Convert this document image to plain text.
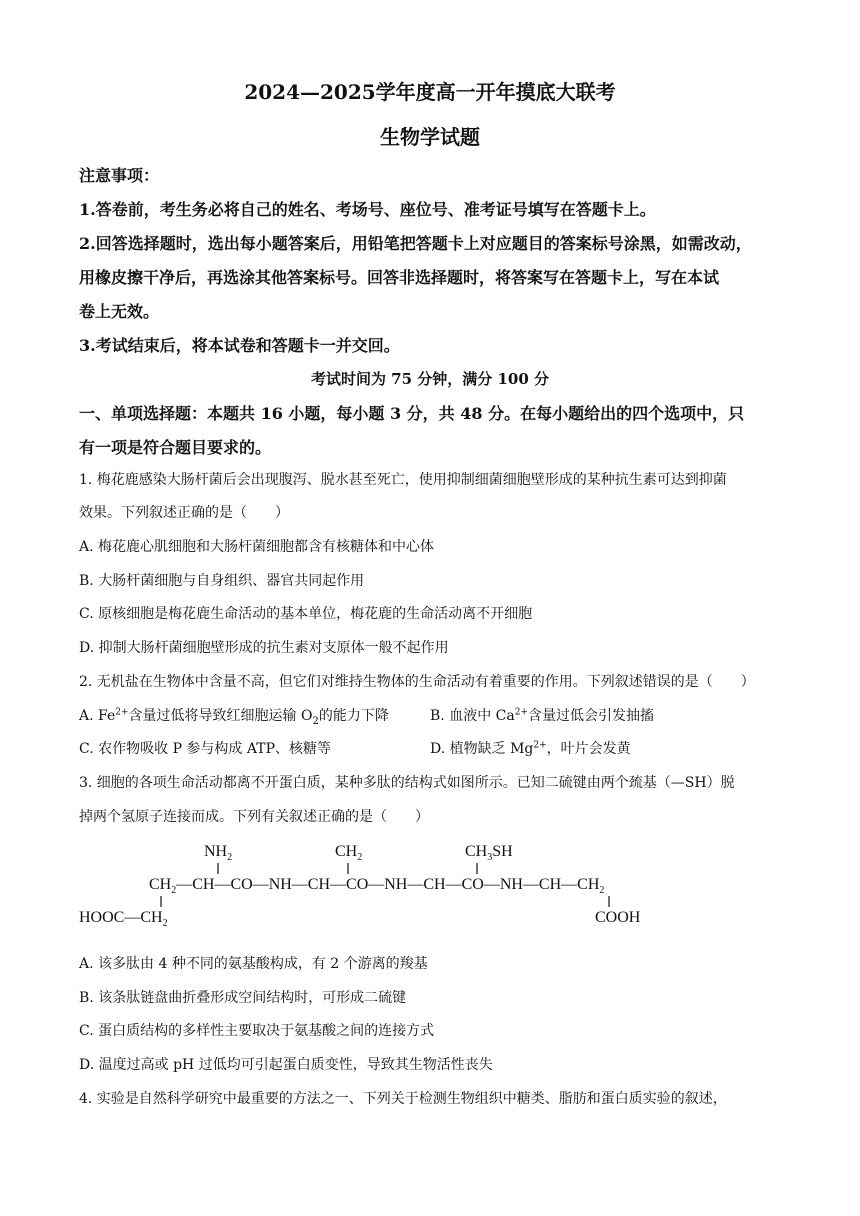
2024—2025学年度高一开年摸底大联考
生物学试题
注意事项：
1.答卷前，考生务必将自己的姓名、考场号、座位号、准考证号填写在答题卡上。
2.回答选择题时，选出每小题答案后，用铅笔把答题卡上对应题目的答案标号涂黑，如需改动，
用橡皮擦干净后，再选涂其他答案标号。回答非选择题时，将答案写在答题卡上，写在本试
卷上无效。
3.考试结束后，将本试卷和答题卡一并交回。
考试时间为 75 分钟，满分 100 分
一、单项选择题：本题共 16 小题，每小题 3 分，共 48 分。在每小题给出的四个选项中，只
有一项是符合题目要求的。
1. 梅花鹿感染大肠杆菌后会出现腹泻、脱水甚至死亡，使用抑制细菌细胞壁形成的某种抗生素可达到抑菌
效果。下列叙述正确的是（　　）
A. 梅花鹿心肌细胞和大肠杆菌细胞都含有核糖体和中心体
B. 大肠杆菌细胞与自身组织、器官共同起作用
C. 原核细胞是梅花鹿生命活动的基本单位，梅花鹿的生命活动离不开细胞
D. 抑制大肠杆菌细胞壁形成的抗生素对支原体一般不起作用
2. 无机盐在生物体中含量不高，但它们对维持生物体的生命活动有着重要的作用。下列叙述错误的是（　　）
A. $Fe^{2+}$含量过低将导致红细胞运输 $O_2$的能力下降	B. 血液中 $Ca^{2+}$含量过低会引发抽搐
C. 农作物吸收 P 参与构成 ATP、核糖等	D. 植物缺乏 $Mg^{2+}$，叶片会发黄
3. 细胞的各项生命活动都离不开蛋白质，某种多肽的结构式如图所示。已知二硫键由两个巯基（—SH）脱
掉两个氢原子连接而成。下列有关叙述正确的是（　　）
$NH_2$	$CH_2$	$CH_3SH$
$CH_2—CH—CO—NH—CH—CO—NH—CH—CO—NH—CH—CH_2$
$HOOC—CH_2$	COOH
A. 该多肽由 4 种不同的氨基酸构成，有 2 个游离的羧基
B. 该条肽链盘曲折叠形成空间结构时，可形成二硫键
C. 蛋白质结构的多样性主要取决于氨基酸之间的连接方式
D. 温度过高或 pH 过低均可引起蛋白质变性，导致其生物活性丧失
4. 实验是自然科学研究中最重要的方法之一、下列关于检测生物组织中糖类、脂肪和蛋白质实验的叙述，
